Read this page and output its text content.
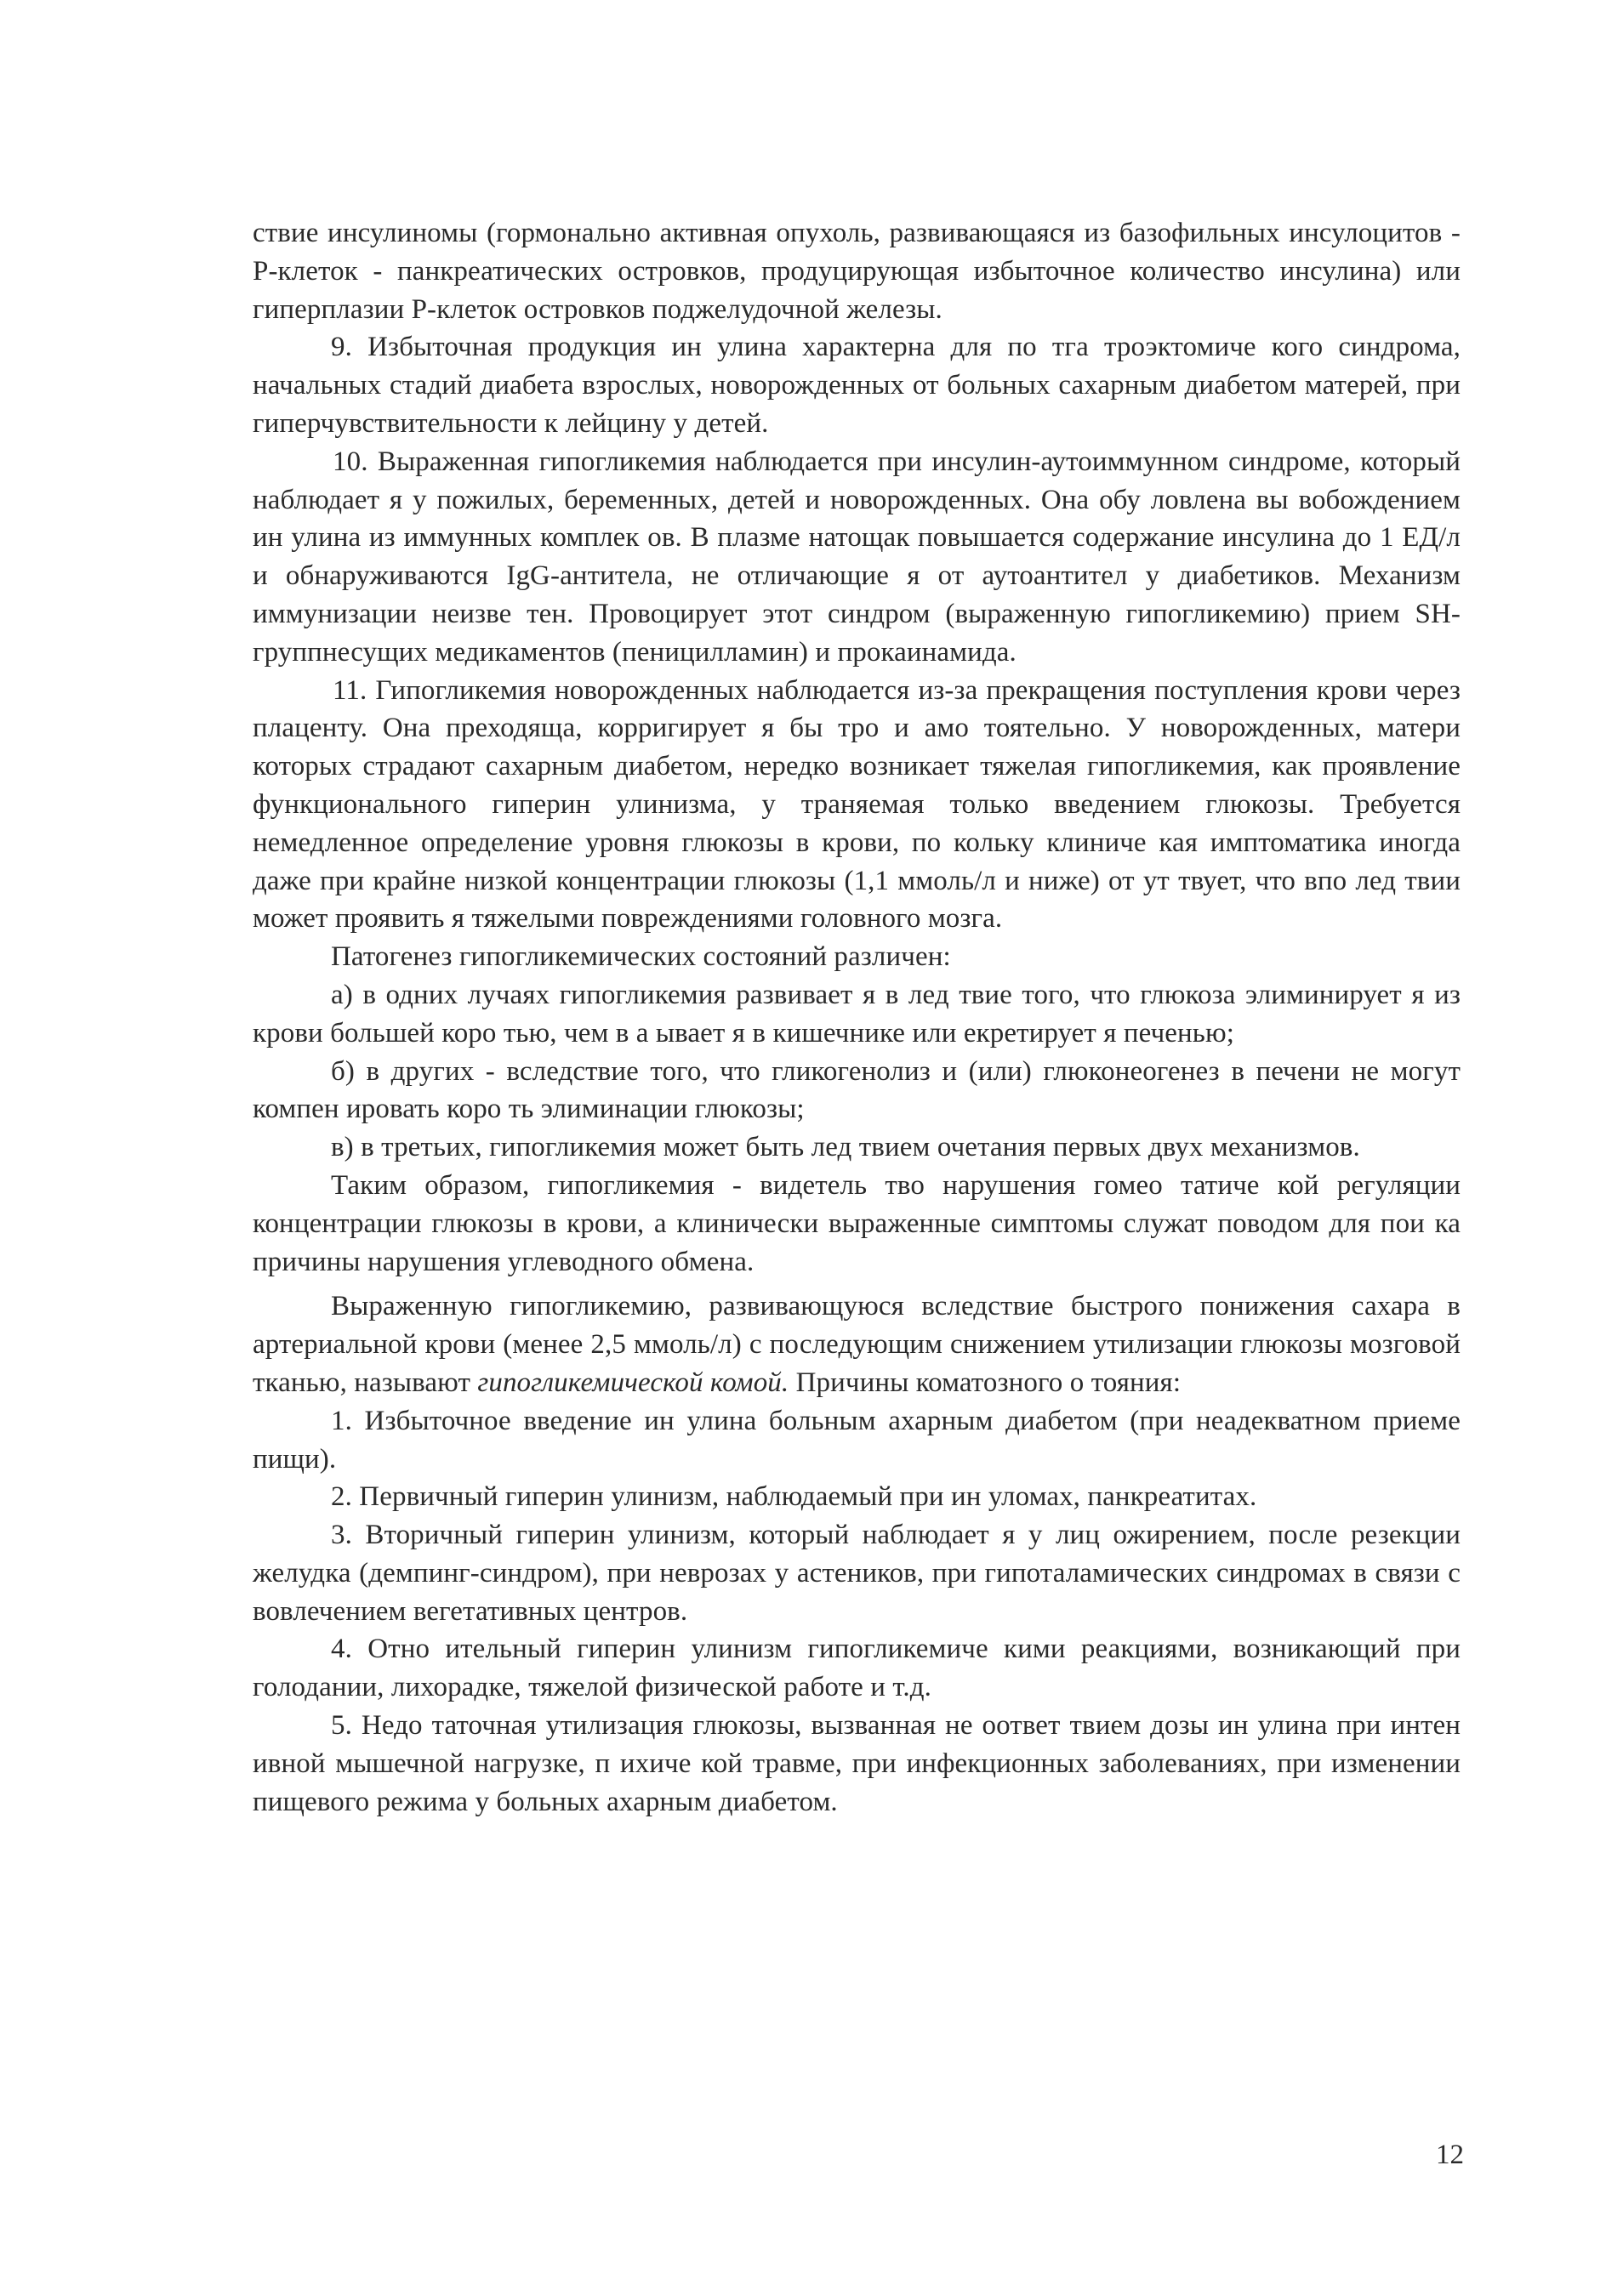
ствие инсулиномы (гормонально активная опухоль, развивающаяся из базофильных инсулоцитов - Р-клеток - панкреатических островков, продуцирующая избыточное количество инсулина) или гиперплазии Р-клеток островков поджелудочной железы.

9. Избыточная продукция ин улина характерна для по тга троэктомиче кого синдрома, начальных стадий диабета взрослых, новорожденных от больных сахарным диабетом матерей, при гиперчувствительности к лейцину у детей.

10. Выраженная гипогликемия наблюдается при инсулин-аутоиммунном синдроме, который наблюдает я у пожилых, беременных, детей и новорожденных. Она обу ловлена вы вобождением ин улина из иммунных комплек ов. В плазме натощак повышается содержание инсулина до 1 ЕД/л и обнаруживаются IgG-антитела, не отличающие я от аутоантител у диабетиков. Механизм иммунизации неизве тен. Провоцирует этот синдром (выраженную гипогликемию) прием SH-группнесущих медикаментов (пеницилламин) и прокаинамида.

11. Гипогликемия новорожденных наблюдается из-за прекращения поступления крови через плаценту. Она преходяща, корригирует я бы тро и амо тоятельно. У новорожденных, матери которых страдают сахарным диабетом, нередко возникает тяжелая гипогликемия, как проявление функционального гиперин улинизма, у траняемая только введением глюкозы. Требуется немедленное определение уровня глюкозы в крови, по кольку клиниче кая имптоматика иногда даже при крайне низкой концентрации глюкозы (1,1 ммоль/л и ниже) от ут твует, что впо лед твии может проявить я тяжелыми повреждениями головного мозга.

Патогенез гипогликемических состояний различен:

а) в одних лучаях гипогликемия развивает я в лед твие того, что глюкоза элиминирует я из крови большей коро тью, чем в а ывает я в кишечнике или екретирует я печенью;

б) в других - вследствие того, что гликогенолиз и (или) глюконеогенез в печени не могут компен ировать коро ть элиминации глюкозы;

в) в третьих, гипогликемия может быть лед твием очетания первых двух механизмов.

Таким образом, гипогликемия - видетель тво нарушения гомео татиче кой регуляции концентрации глюкозы в крови, а клинически выраженные симптомы служат поводом для пои ка причины нарушения углеводного обмена.

Выраженную гипогликемию, развивающуюся вследствие быстрого понижения сахара в артериальной крови (менее 2,5 ммоль/л) с последующим снижением утилизации глюкозы мозговой тканью, называют гипогликемической комой. Причины коматозного о тояния:

1. Избыточное введение ин улина больным ахарным диабетом (при неадекватном приеме пищи).

2. Первичный гиперин улинизм, наблюдаемый при ин уломах, панкреатитах.

3. Вторичный гиперин улинизм, который наблюдает я у лиц ожирением, после резекции желудка (демпинг-синдром), при неврозах у астеников, при гипоталамических синдромах в связи с вовлечением вегетативных центров.

4. Отно ительный гиперин улинизм гипогликемиче кими реакциями, возникающий при голодании, лихорадке, тяжелой физической работе и т.д.

5. Недо таточная утилизация глюкозы, вызванная не оответ твием дозы ин улина при интен ивной мышечной нагрузке, п ихиче кой травме, при инфекционных заболеваниях, при изменении пищевого режима у больных ахарным диабетом.

12
